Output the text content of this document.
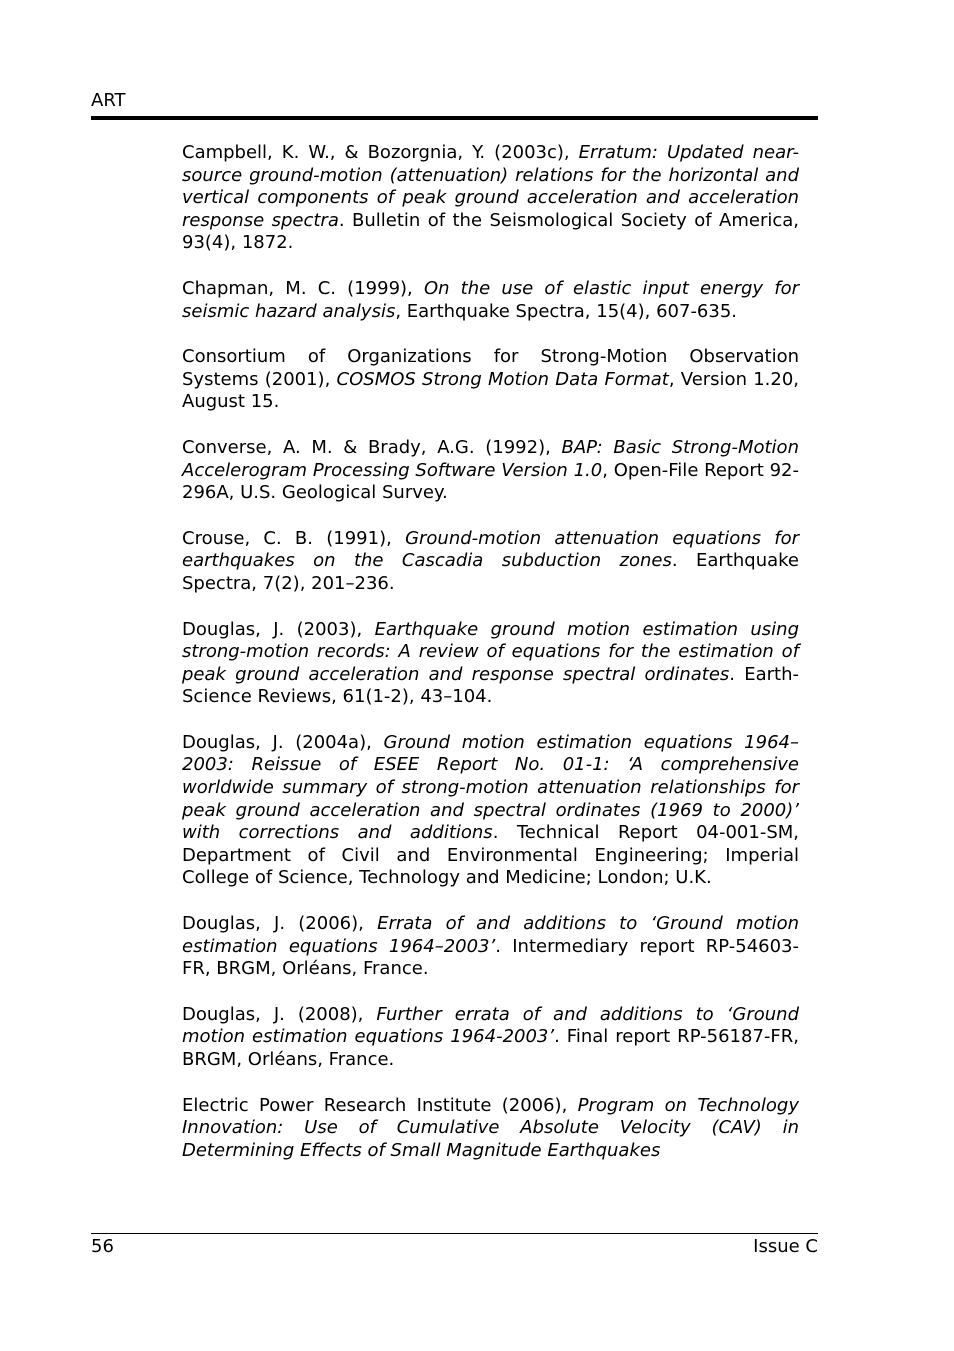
ART

Campbell, K. W., & Bozorgnia, Y. (2003c), Erratum: Updated near-source ground-motion (attenuation) relations for the horizontal and vertical components of peak ground acceleration and acceleration response spectra. Bulletin of the Seismological Society of America, 93(4), 1872.

Chapman, M. C. (1999), On the use of elastic input energy for seismic hazard analysis, Earthquake Spectra, 15(4), 607-635.

Consortium of Organizations for Strong-Motion Observation Systems (2001), COSMOS Strong Motion Data Format, Version 1.20, August 15.

Converse, A. M. & Brady, A.G. (1992), BAP: Basic Strong-Motion Accelerogram Processing Software Version 1.0, Open-File Report 92-296A, U.S. Geological Survey.

Crouse, C. B. (1991), Ground-motion attenuation equations for earthquakes on the Cascadia subduction zones. Earthquake Spectra, 7(2), 201–236.

Douglas, J. (2003), Earthquake ground motion estimation using strong-motion records: A review of equations for the estimation of peak ground acceleration and response spectral ordinates. Earth-Science Reviews, 61(1-2), 43–104.

Douglas, J. (2004a), Ground motion estimation equations 1964–2003: Reissue of ESEE Report No. 01-1: ‘A comprehensive worldwide summary of strong-motion attenuation relationships for peak ground acceleration and spectral ordinates (1969 to 2000)’ with corrections and additions. Technical Report 04-001-SM, Department of Civil and Environmental Engineering; Imperial College of Science, Technology and Medicine; London; U.K.

Douglas, J. (2006), Errata of and additions to ‘Ground motion estimation equations 1964–2003’. Intermediary report RP-54603-FR, BRGM, Orléans, France.

Douglas, J. (2008), Further errata of and additions to ‘Ground motion estimation equations 1964-2003’. Final report RP-56187-FR, BRGM, Orléans, France.

Electric Power Research Institute (2006), Program on Technology Innovation: Use of Cumulative Absolute Velocity (CAV) in Determining Effects of Small Magnitude Earthquakes

56	Issue C
